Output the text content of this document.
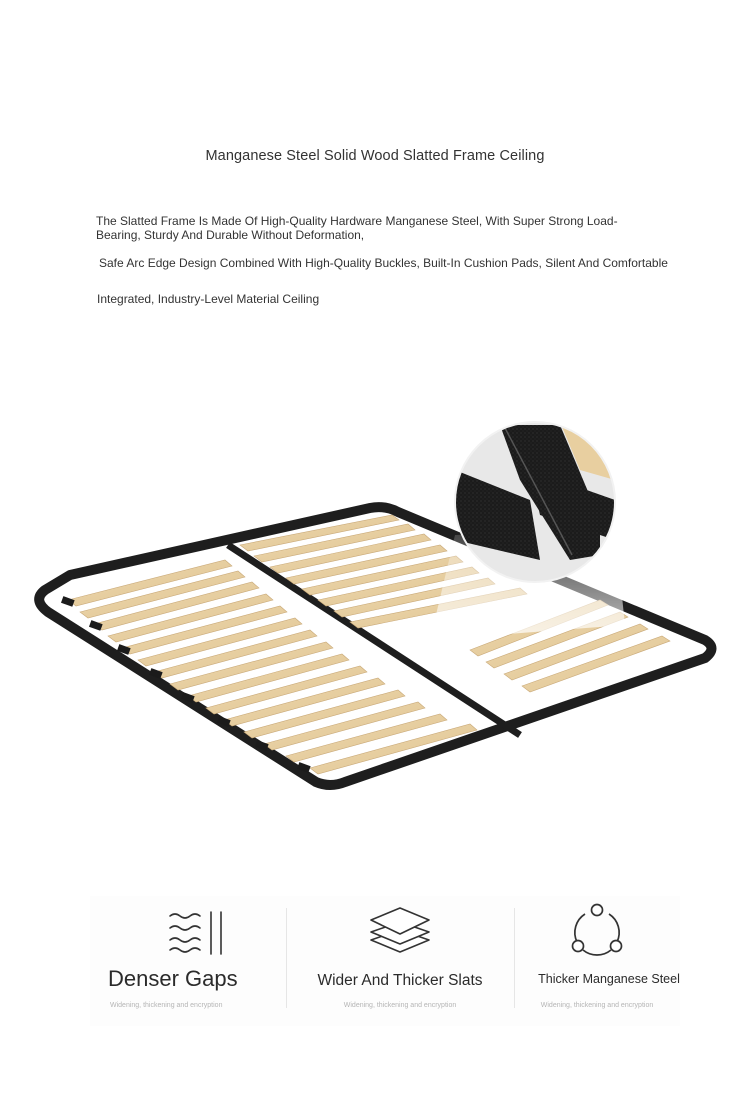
Manganese Steel Solid Wood Slatted Frame Ceiling
The Slatted Frame Is Made Of High-Quality Hardware Manganese Steel, With Super Strong Load-Bearing, Sturdy And Durable Without Deformation,
Safe Arc Edge Design Combined With High-Quality Buckles, Built-In Cushion Pads, Silent And Comfortable
Integrated, Industry-Level Material Ceiling
Denser Gaps
Widening, thickening and encryption
Wider And Thicker Slats
Widening, thickening and encryption
Thicker Manganese Steel
Widening, thickening and encryption
